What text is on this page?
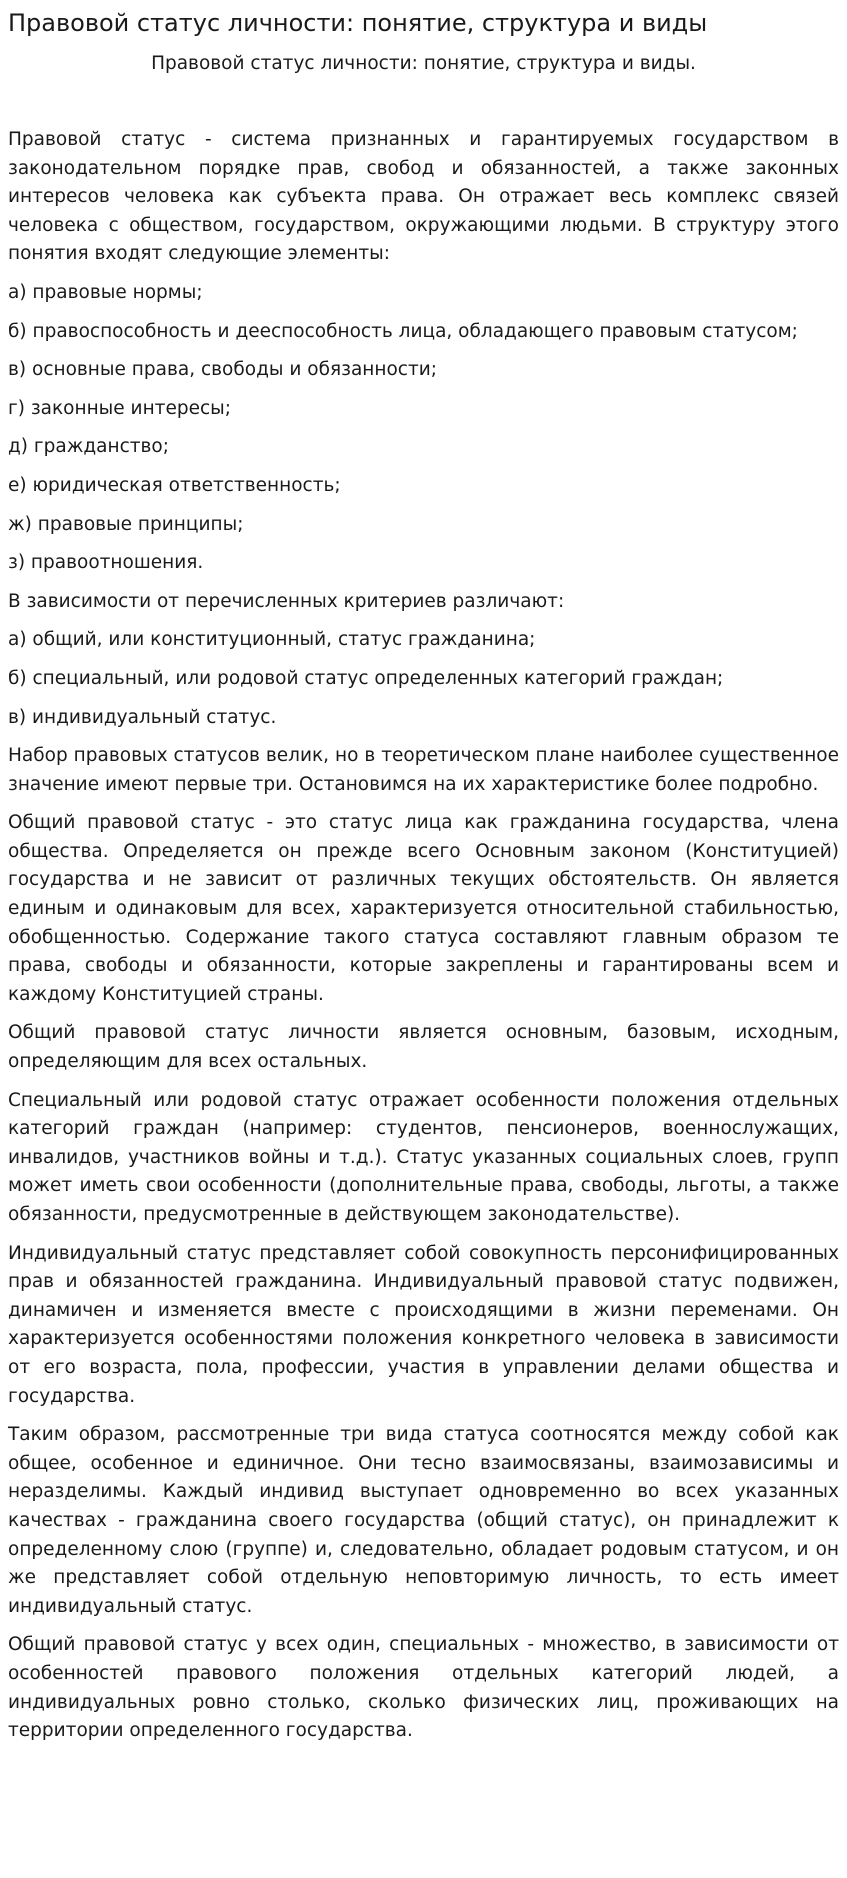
Правовой статус личности: понятие, структура и виды
Правовой статус личности: понятие, структура и виды.

Правовой статус - система признанных и гарантируемых государством в законодательном порядке прав, свобод и обязанностей, а также законных интересов человека как субъекта права. Он отражает весь комплекс связей человека с обществом, государством, окружающими людьми. В структуру этого понятия входят следующие элементы:

а) правовые нормы;

б) правоспособность и дееспособность лица, обладающего правовым статусом;

в) основные права, свободы и обязанности;

г) законные интересы;

д) гражданство;

е) юридическая ответственность;

ж) правовые принципы;

з) правоотношения.

В зависимости от перечисленных критериев различают:

а) общий, или конституционный, статус гражданина;

б) специальный, или родовой статус определенных категорий граждан;

в) индивидуальный статус.

Набор правовых статусов велик, но в теоретическом плане наиболее существенное значение имеют первые три. Остановимся на их характеристике более подробно.

Общий правовой статус - это статус лица как гражданина государства, члена общества. Определяется он прежде всего Основным законом (Конституцией) государства и не зависит от различных текущих обстоятельств. Он является единым и одинаковым для всех, характеризуется относительной стабильностью, обобщенностью. Содержание такого статуса составляют главным образом те права, свободы и обязанности, которые закреплены и гарантированы всем и каждому Конституцией страны.

Общий правовой статус личности является основным, базовым, исходным, определяющим для всех остальных.

Специальный или родовой статус отражает особенности положения отдельных категорий граждан (например: студентов, пенсионеров, военнослужащих, инвалидов, участников войны и т.д.). Статус указанных социальных слоев, групп может иметь свои особенности (дополнительные права, свободы, льготы, а также обязанности, предусмотренные в действующем законодательстве).

Индивидуальный статус представляет собой совокупность персонифицированных прав и обязанностей гражданина. Индивидуальный правовой статус подвижен, динамичен и изменяется вместе с происходящими в жизни переменами. Он характеризуется особенностями положения конкретного человека в зависимости от его возраста, пола, профессии, участия в управлении делами общества и государства.

Таким образом, рассмотренные три вида статуса соотносятся между собой как общее, особенное и единичное. Они тесно взаимосвязаны, взаимозависимы и неразделимы. Каждый индивид выступает одновременно во всех указанных качествах - гражданина своего государства (общий статус), он принадлежит к определенному слою (группе) и, следовательно, обладает родовым статусом, и он же представляет собой отдельную неповторимую личность, то есть имеет индивидуальный статус.

Общий правовой статус у всех один, специальных - множество, в зависимости от особенностей правового положения отдельных категорий людей, а индивидуальных ровно столько, сколько физических лиц, проживающих на территории определенного государства.
